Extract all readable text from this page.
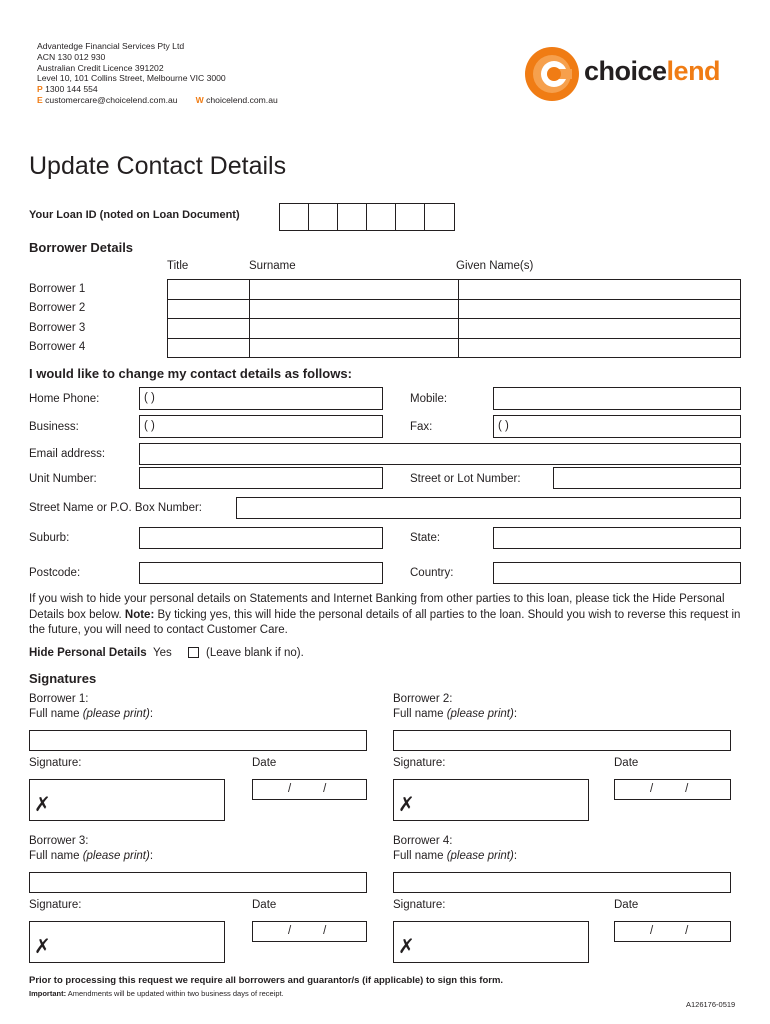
Advantedge Financial Services Pty Ltd
ACN 130 012 930
Australian Credit Licence 391202
Level 10, 101 Collins Street, Melbourne VIC 3000
P 1300 144 554
E customercare@choicelend.com.au W choicelend.com.au
choicelend
Update Contact Details
Your Loan ID (noted on Loan Document)
Borrower Details
Title	Surname	Given Name(s)
Borrower 1
Borrower 2
Borrower 3
Borrower 4
I would like to change my contact details as follows:
Home Phone:	( )	Mobile:
Business:	( )	Fax:	( )
Email address:
Unit Number:	Street or Lot Number:
Street Name or P.O. Box Number:
Suburb:	State:
Postcode:	Country:
If you wish to hide your personal details on Statements and Internet Banking from other parties to this loan, please tick the Hide Personal Details box below. Note: By ticking yes, this will hide the personal details of all parties to the loan. Should you wish to reverse this request in the future, you will need to contact Customer Care.
Hide Personal Details Yes	(Leave blank if no).
Signatures
Borrower 1:
Full name (please print):
Signature:	Date
✗
/          /
Borrower 2:
Full name (please print):
Signature:	Date
✗
/          /
Borrower 3:
Full name (please print):
Signature:	Date
✗
/          /
Borrower 4:
Full name (please print):
Signature:	Date
✗
/          /
Prior to processing this request we require all borrowers and guarantor/s (if applicable) to sign this form.
Important: Amendments will be updated within two business days of receipt.
A126176-0519
